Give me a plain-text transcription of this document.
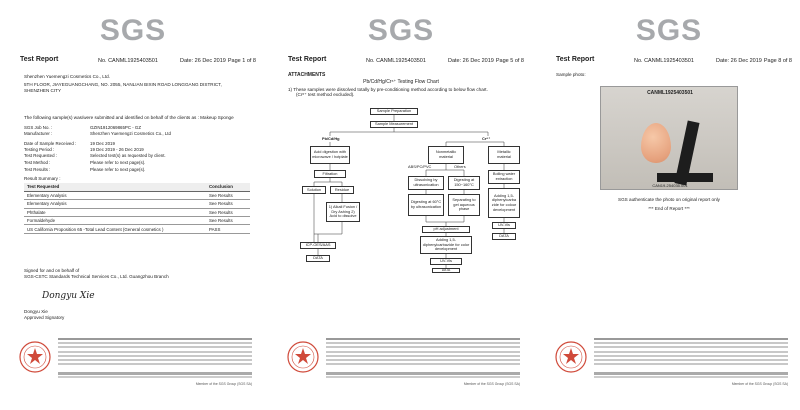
SGS
Test Report	No. CANML1925403501	Date: 26 Dec 2019 Page 1 of 8
Shenzhen Yuemengzi Cosmetics Co., Ltd.
5TH FLOOR, JIAYEGUANGCHANG, NO. 2055, NANLIAN BIXIN ROAD LONGGANG DISTRICT,
SHENZHEN CITY
The following sample(s) was/were submitted and identified on behalf of the clients as : Makeup Sponge
SGS Job No. :	GZIN1912069865PC - GZ
Manufacturer :	Shenzhen Yuemengzi Cosmetics Co., Ltd
Date of Sample Received :	19 Dec 2019
Testing Period :	19 Dec 2019 - 26 Dec 2019
Test Requested :	Selected test(s) as requested by client.
Test Method :	Please refer to next page(s).
Test Results :	Please refer to next page(s).
Result Summary :
Test Requested	Conclusion
Elementary Analysis	See Results
Elementary Analysis	See Results
Phthalate	See Results
Formaldehyde	See Results
US California Proposition 65 -Total Lead Content (General cosmetics )	PASS
Signed for and on behalf of
SGS-CSTC Standards Technical Services Co., Ltd. Guangzhou Branch
Dongyu Xie
Dongyu Xie
Approved Signatory
Member of the SGS Group (SGS SA)
SGS
Test Report	No. CANML1925403501	Date: 26 Dec 2019 Page 5 of 8
ATTACHMENTS
Pb/Cd/Hg/Cr⁶⁺ Testing Flow Chart
1) These samples were dissolved totally by pre-conditioning method according to below flow chart.
(Cr⁶⁺ test method excluded).
Sample Preparation
Sample Measurement
Pb/Cd/Hg	Cr⁶⁺
Acid digestion with microwave / hotplate
Filtration
Solution	Residue
1) Alkali Fusion / Dry Ashing 2) Acid to dissolve
ICP-OES/AAS
DATA
Nonmetallic material
ABS/PC/PVC	Others
Dissolving by ultrasonication
Digesting at 150~160°C
Digesting at 60°C by ultrasonication
Separating to get aqueous phase
pH adjustment
Adding 1,5-diphenylcarbazide for color development
UV-Vis
DATA
Metallic material
Boiling water extraction
Adding 1,5-diphenylcarba zide for colour development
UV-Vis
DATA
Member of the SGS Group (SGS SA)
SGS
Test Report	No. CANML1925403501	Date: 26 Dec 2019 Page 8 of 8
Sample photo:
CANML1925403501
CAN19-254035.001
SGS authenticate the photo on original report only
*** End of Report ***
Member of the SGS Group (SGS SA)
